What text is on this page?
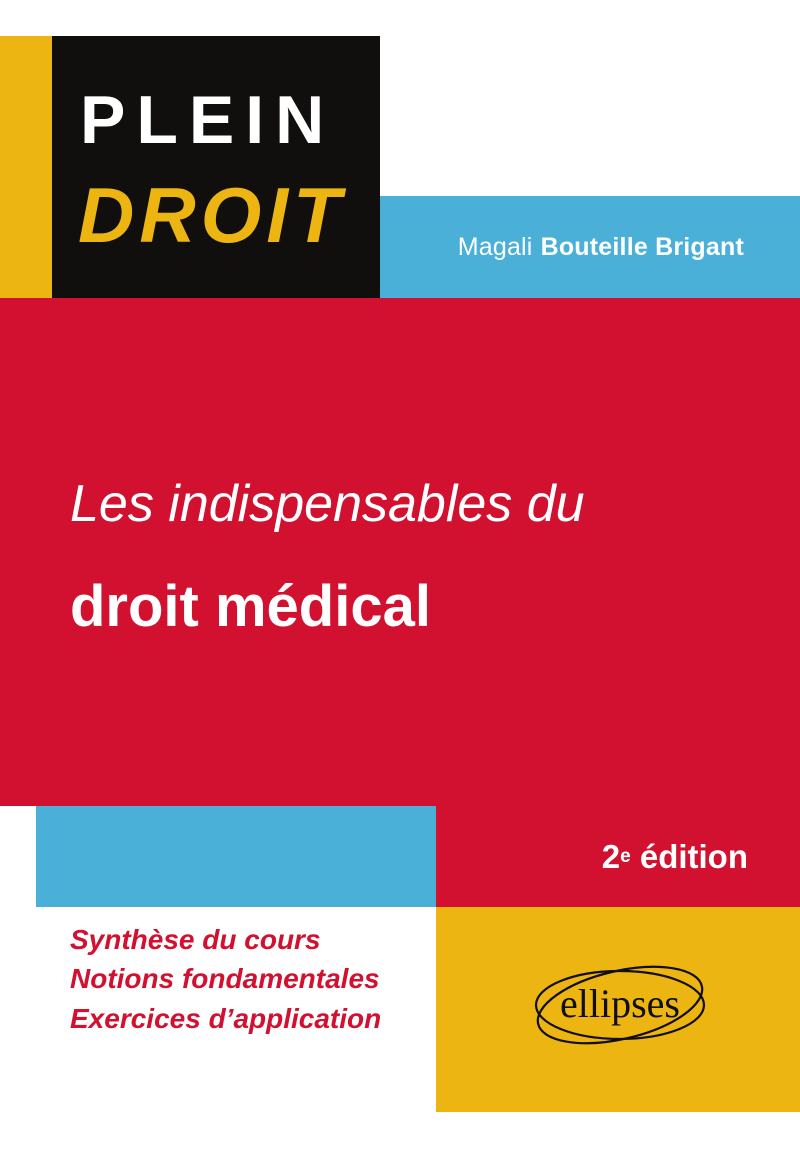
PLEIN
DROIT	Magali Bouteille Brigant
Les indispensables du
droit médical
2 e
édition
Synthèse du cours
Notions fondamentales
Exercices d’application	ellipses
